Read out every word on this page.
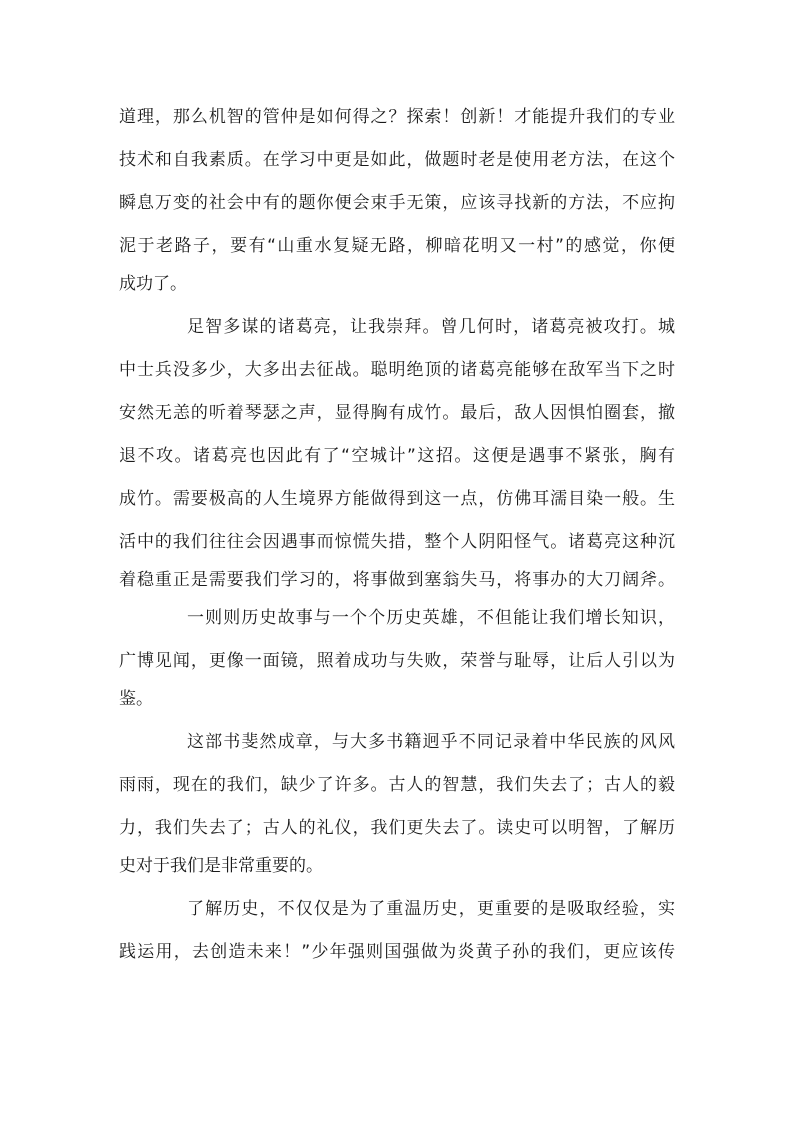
道理，那么机智的管仲是如何得之？探索！创新！才能提升我们的专业
技术和自我素质。在学习中更是如此，做题时老是使用老方法，在这个
瞬息万变的社会中有的题你便会束手无策，应该寻找新的方法，不应拘
泥于老路子，要有“山重水复疑无路，柳暗花明又一村”的感觉，你便
成功了。
足智多谋的诸葛亮，让我崇拜。曾几何时，诸葛亮被攻打。城
中士兵没多少，大多出去征战。聪明绝顶的诸葛亮能够在敌军当下之时
安然无恙的听着琴瑟之声，显得胸有成竹。最后，敌人因惧怕圈套，撤
退不攻。诸葛亮也因此有了“空城计”这招。这便是遇事不紧张，胸有
成竹。需要极高的人生境界方能做得到这一点，仿佛耳濡目染一般。生
活中的我们往往会因遇事而惊慌失措，整个人阴阳怪气。诸葛亮这种沉
着稳重正是需要我们学习的，将事做到塞翁失马，将事办的大刀阔斧。
一则则历史故事与一个个历史英雄，不但能让我们增长知识，
广博见闻，更像一面镜，照着成功与失败，荣誉与耻辱，让后人引以为
鉴。
这部书斐然成章，与大多书籍迥乎不同记录着中华民族的风风
雨雨，现在的我们，缺少了许多。古人的智慧，我们失去了；古人的毅
力，我们失去了；古人的礼仪，我们更失去了。读史可以明智，了解历
史对于我们是非常重要的。
了解历史，不仅仅是为了重温历史，更重要的是吸取经验，实
践运用，去创造未来！”少年强则国强做为炎黄子孙的我们，更应该传
